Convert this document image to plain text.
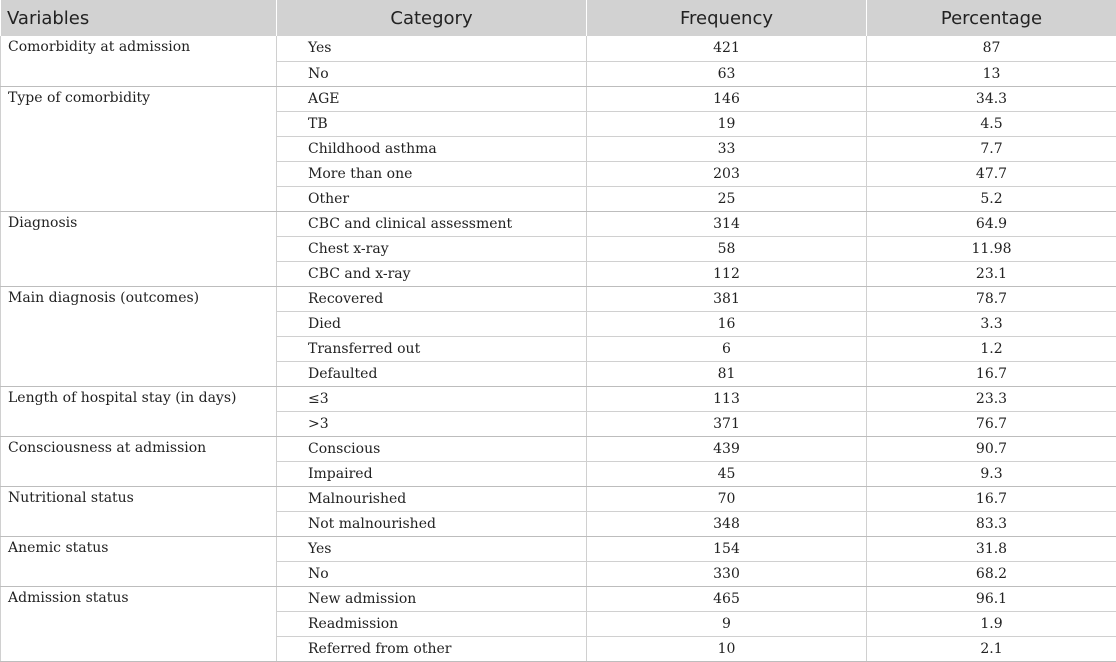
Variables	Category	Frequency	Percentage
Comorbidity at admission	Yes	421	87
	No	63	13
Type of comorbidity	AGE	146	34.3
	TB	19	4.5
	Childhood asthma	33	7.7
	More than one	203	47.7
	Other	25	5.2
Diagnosis	CBC and clinical assessment	314	64.9
	Chest x-ray	58	11.98
	CBC and x-ray	112	23.1
Main diagnosis (outcomes)	Recovered	381	78.7
	Died	16	3.3
	Transferred out	6	1.2
	Defaulted	81	16.7
Length of hospital stay (in days)	≤3	113	23.3
	>3	371	76.7
Consciousness at admission	Conscious	439	90.7
	Impaired	45	9.3
Nutritional status	Malnourished	70	16.7
	Not malnourished	348	83.3
Anemic status	Yes	154	31.8
	No	330	68.2
Admission status	New admission	465	96.1
	Readmission	9	1.9
	Referred from other	10	2.1
